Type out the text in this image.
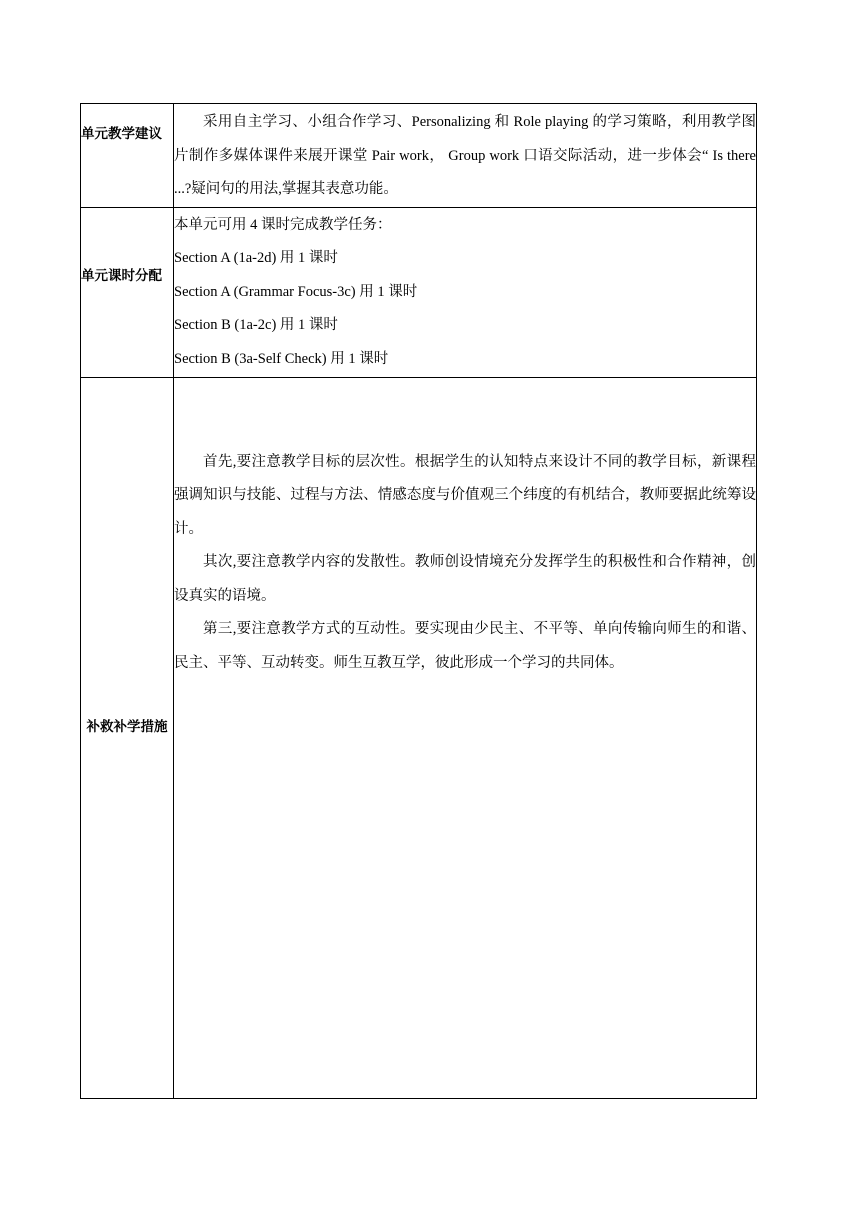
单元教学建议	采用自主学习、小组合作学习、Personalizing 和 Role playing 的学习策略，利用教学图片制作多媒体课件来展开课堂 Pair work， Group work 口语交际活动，进一步体会“ Is there ...?疑问句的用法,掌握其表意功能。

单元课时分配	本单元可用 4 课时完成教学任务：

Section A (1a-2d) 用 1 课时

Section A (Grammar Focus-3c) 用 1 课时

Section B (1a-2c) 用 1 课时

Section B (3a-Self Check) 用 1 课时

补救补学措施	首先,要注意教学目标的层次性。根据学生的认知特点来设计不同的教学目标，新课程强调知识与技能、过程与方法、情感态度与价值观三个纬度的有机结合，教师要据此统筹设计。

其次,要注意教学内容的发散性。教师创设情境充分发挥学生的积极性和合作精神，创设真实的语境。

第三,要注意教学方式的互动性。要实现由少民主、不平等、单向传输向师生的和谐、民主、平等、互动转变。师生互教互学，彼此形成一个学习的共同体。
